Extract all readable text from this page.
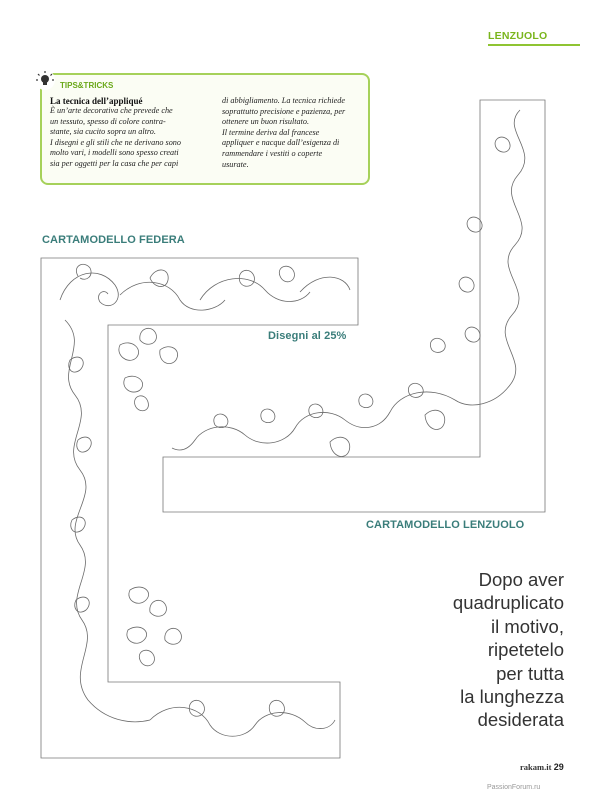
LENZUOLO
TIPS&TRICKS
La tecnica dell’appliqué

È un’arte decorativa che prevede che

un tessuto, spesso di colore contra-

stante, sia cucito sopra un altro.

I disegni e gli stili che ne derivano sono

molto vari, i modelli sono spesso creati

sia per oggetti per la casa che per capi

di abbigliamento. La tecnica richiede

soprattutto precisione e pazienza, per

ottenere un buon risultato.

Il termine deriva dal francese

appliquer e nacque dall’esigenza di

rammendare i vestiti o coperte

usurate.

CARTAMODELLO FEDERA
Disegni al 25%
CARTAMODELLO LENZUOLO
Dopo aver
quadruplicato
il motivo,
ripetetelo
per tutta
la lunghezza
desiderata
rakam.it 29
PassionForum.ru
